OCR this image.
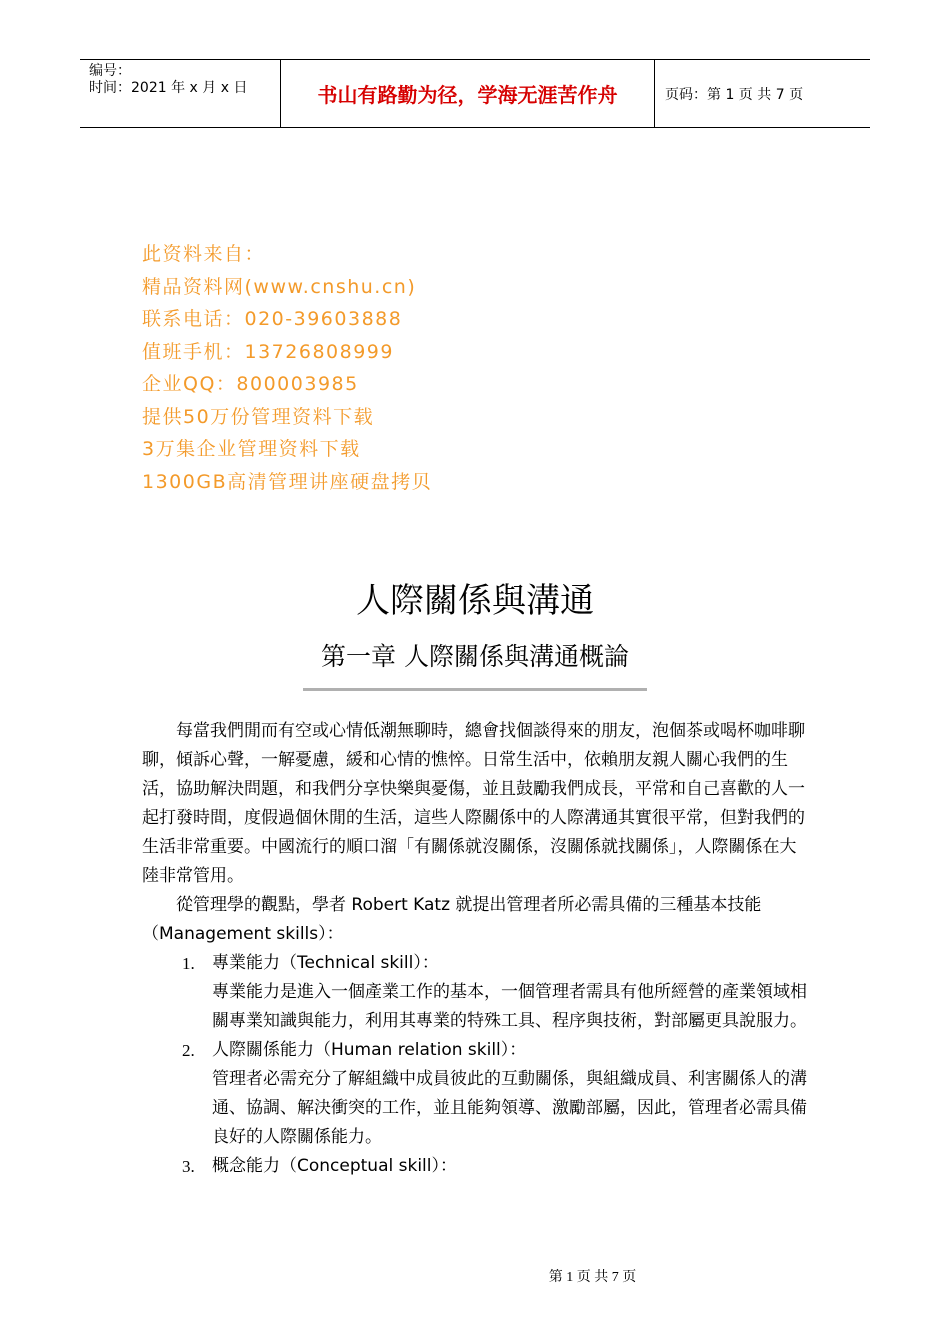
编号：
时间：2021 年 x 月 x 日	书山有路勤为径，学海无涯苦作舟	页码：第 1 页 共 7 页
此资料来自：
精品资料网(www.cnshu.cn)
联系电话：020-39603888
值班手机：13726808999
企业QQ：800003985
提供50万份管理资料下载
3万集企业管理资料下载
1300GB高清管理讲座硬盘拷贝
人際關係與溝通
第一章 人際關係與溝通概論

每當我們閒而有空或心情低潮無聊時，總會找個談得來的朋友，泡個茶或喝杯咖啡聊聊，傾訴心聲，一解憂慮，緩和心情的憔悴。日常生活中，依賴朋友親人關心我們的生活，協助解決問題，和我們分享快樂與憂傷，並且鼓勵我們成長，平常和自己喜歡的人一起打發時間，度假過個休閒的生活，這些人際關係中的人際溝通其實很平常，但對我們的生活非常重要。中國流行的順口溜「有關係就沒關係，沒關係就找關係」，人際關係在大陸非常管用。

從管理學的觀點，學者 Robert Katz 就提出管理者所必需具備的三種基本技能（Management skills）：

1. 專業能力（Technical skill）：
專業能力是進入一個產業工作的基本，一個管理者需具有他所經營的產業領域相關專業知識與能力，利用其專業的特殊工具、程序與技術，對部屬更具說服力。
2. 人際關係能力（Human relation skill）：
管理者必需充分了解組織中成員彼此的互動關係，與組織成員、利害關係人的溝通、協調、解決衝突的工作，並且能夠領導、激勵部屬，因此，管理者必需具備良好的人際關係能力。
3. 概念能力（Conceptual skill）：
第 1 页 共 7 页
